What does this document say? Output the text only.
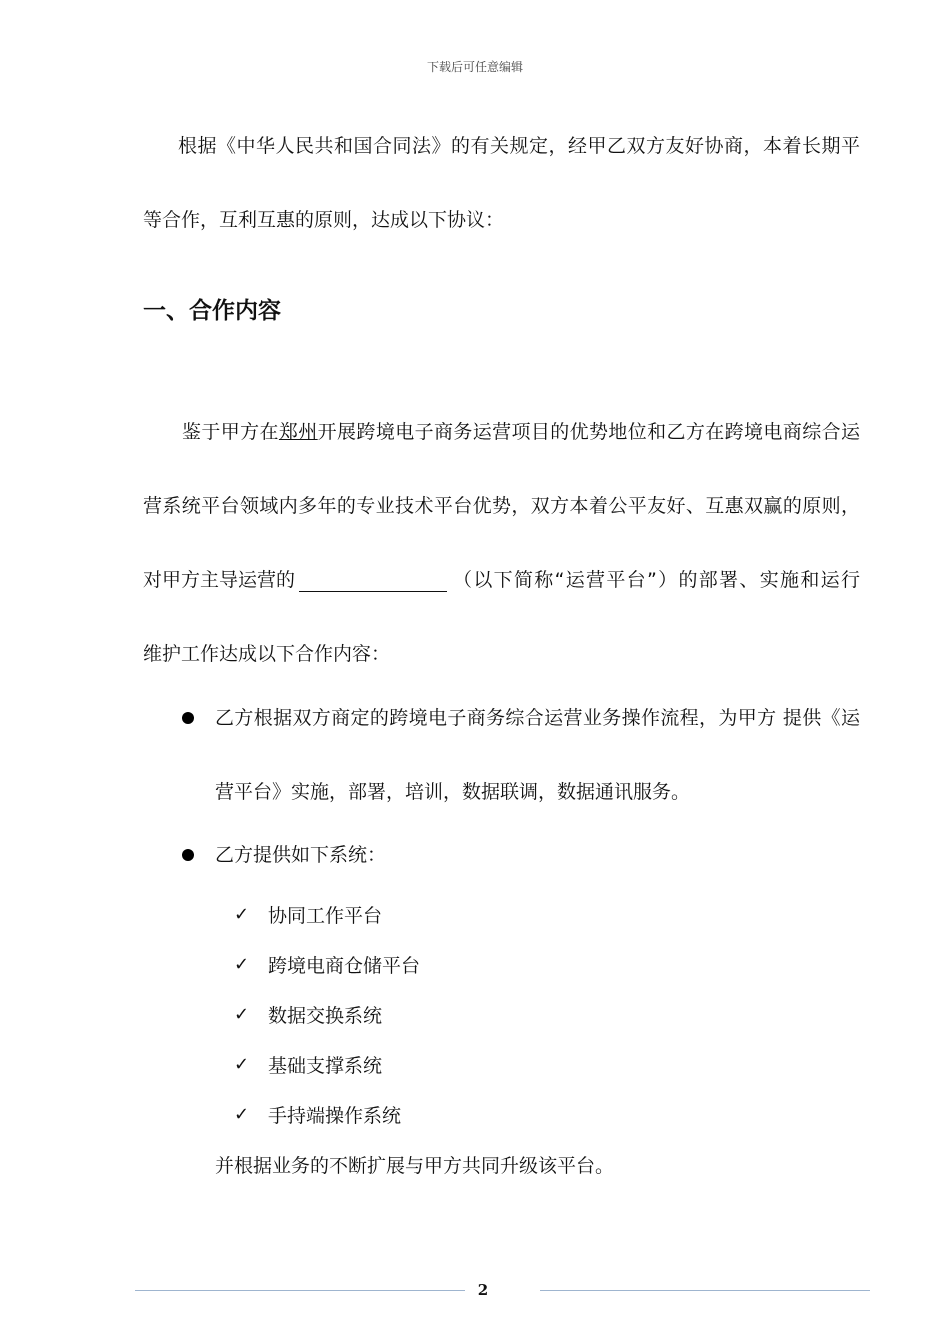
下载后可任意编辑
根据《中华人民共和国合同法》的有关规定，经甲乙双方友好协商，本着长期平
等合作，互利互惠的原则，达成以下协议：
一、合作内容
鉴于甲方在郑州开展跨境电子商务运营项目的优势地位和乙方在跨境电商综合运
营系统平台领域内多年的专业技术平台优势，双方本着公平友好、互惠双赢的原则，
对甲方主导运营的	（以下简称“运营平台”）的部署、实施和运行
维护工作达成以下合作内容：
乙方根据双方商定的跨境电子商务综合运营业务操作流程，为甲方 提供《运
营平台》实施，部署，培训，数据联调，数据通讯服务。
乙方提供如下系统：
✓ 协同工作平台
✓ 跨境电商仓储平台
✓ 数据交换系统
✓ 基础支撑系统
✓ 手持端操作系统
并根据业务的不断扩展与甲方共同升级该平台。
2
